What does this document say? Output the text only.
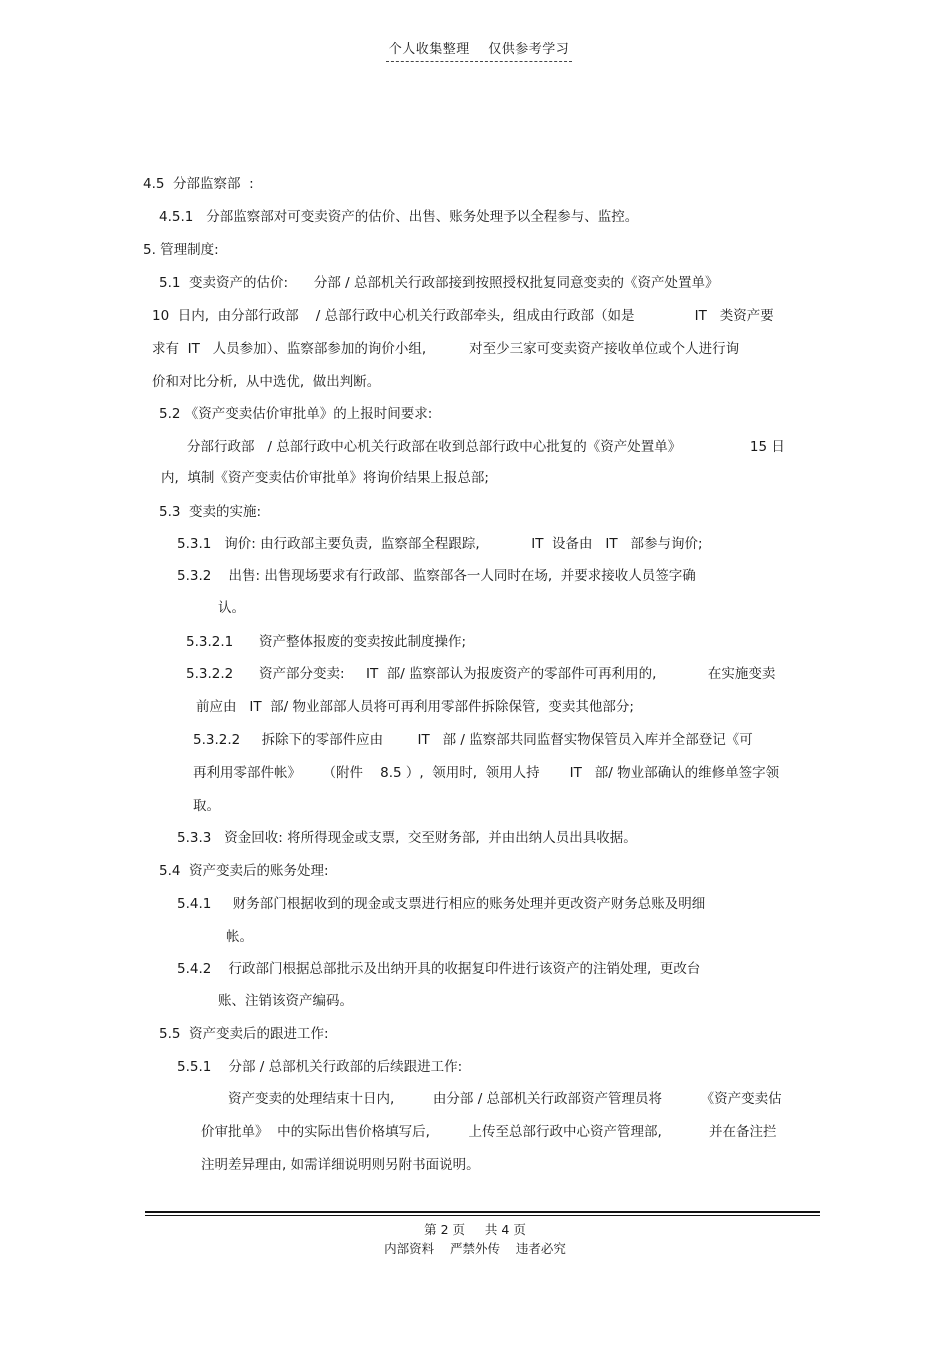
个人收集整理    仅供参考学习
4.5  分部监察部  :
4.5.1   分部监察部对可变卖资产的估价、出售、账务处理予以全程参与、监控。
5. 管理制度:
5.1  变卖资产的估价:      分部 / 总部机关行政部接到按照授权批复同意变卖的《资产处置单》
10  日内,  由分部行政部    / 总部行政中心机关行政部牵头,  组成由行政部（如是              IT   类资产要
求有  IT   人员参加）、监察部参加的询价小组,          对至少三家可变卖资产接收单位或个人进行询
价和对比分析,  从中选优,  做出判断。
5.2 《资产变卖估价审批单》的上报时间要求:
分部行政部   / 总部行政中心机关行政部在收到总部行政中心批复的《资产处置单》                15 日
内,  填制《资产变卖估价审批单》将询价结果上报总部;
5.3  变卖的实施:
5.3.1   询价: 由行政部主要负责,  监察部全程跟踪,            IT  设备由   IT   部参与询价;
5.3.2    出售: 出售现场要求有行政部、监察部各一人同时在场,  并要求接收人员签字确
认。
5.3.2.1      资产整体报废的变卖按此制度操作;
5.3.2.2      资产部分变卖:     IT  部/ 监察部认为报废资产的零部件可再利用的,            在实施变卖
前应由   IT  部/ 物业部部人员将可再利用零部件拆除保管,  变卖其他部分;
5.3.2.2     拆除下的零部件应由        IT   部 / 监察部共同监督实物保管员入库并全部登记《可
再利用零部件帐》     （附件    8.5 ）,  领用时,  领用人持       IT   部/ 物业部确认的维修单签字领
取。
5.3.3   资金回收: 将所得现金或支票,  交至财务部,  并由出纳人员出具收据。
5.4  资产变卖后的账务处理:
5.4.1     财务部门根据收到的现金或支票进行相应的账务处理并更改资产财务总账及明细
帐。
5.4.2    行政部门根据总部批示及出纳开具的收据复印件进行该资产的注销处理,  更改台
账、注销该资产编码。
5.5  资产变卖后的跟进工作:
5.5.1    分部 / 总部机关行政部的后续跟进工作:
资产变卖的处理结束十日内,         由分部 / 总部机关行政部资产管理员将         《资产变卖估
价审批单》  中的实际出售价格填写后,         上传至总部行政中心资产管理部,           并在备注拦
注明差异理由, 如需详细说明则另附书面说明。
第 2 页     共 4 页
内部资料    严禁外传    违者必究
